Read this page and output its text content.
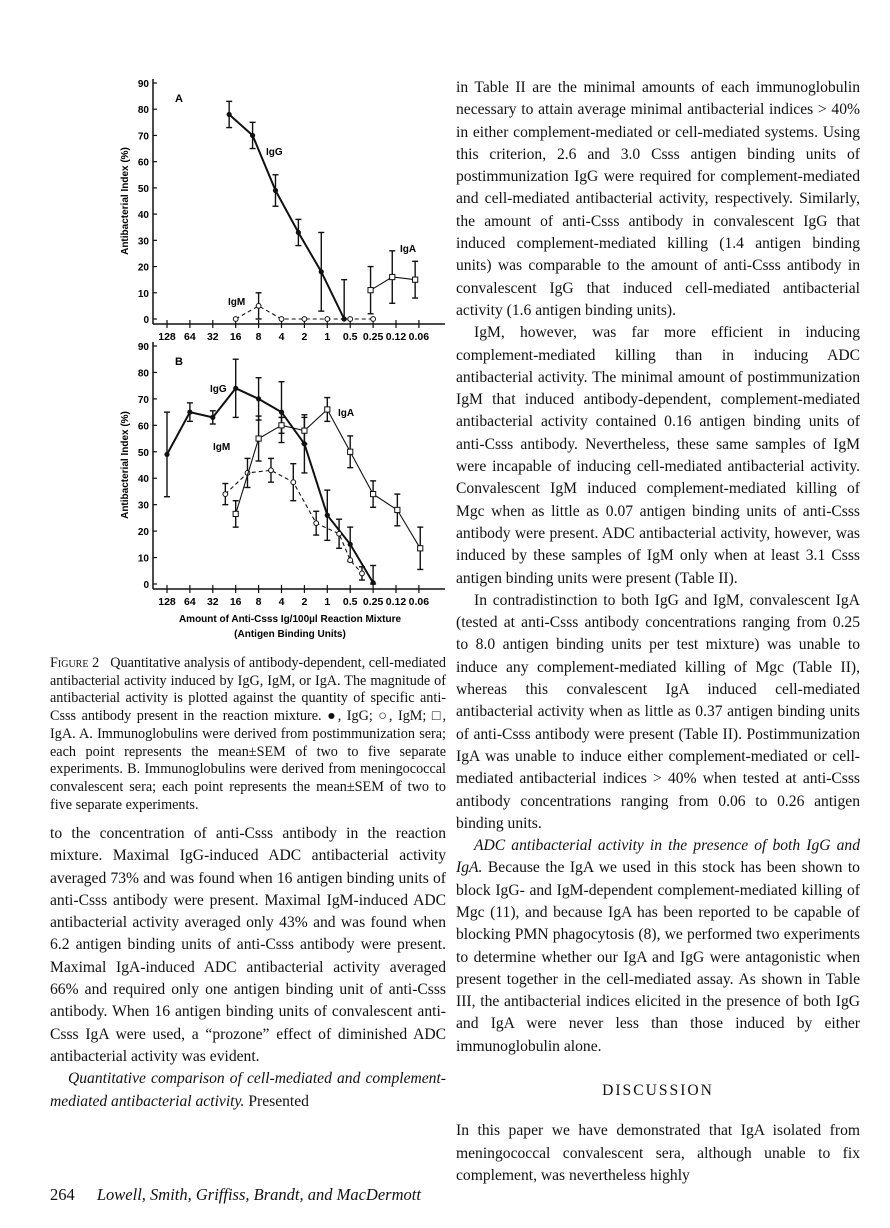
0
10
20
30
40
50
60
70
80
90
128 64 32 16 8 4 2 1 0.5 0.25 0.12 0.06
Antibacterial Index (%)
A
IgG
IgM
IgA
0
10
20
30
40
50
60
70
80
90
128 64 32 16 8 4 2 1 0.5 0.25 0.12 0.06
Antibacterial Index (%)
B
Amount of Anti-Csss Ig/100µl Reaction Mixture
(Antigen Binding Units)
IgG
IgM
IgA
Figure 2 Quantitative analysis of antibody-dependent, cell-mediated antibacterial activity induced by IgG, IgM, or IgA. The magnitude of antibacterial activity is plotted against the quantity of specific anti-Csss antibody present in the reaction mixture. ●, IgG; ○, IgM; □, IgA. A. Immunoglobulins were derived from postimmunization sera; each point represents the mean±SEM of two to five separate experiments. B. Immunoglobulins were derived from meningococcal convalescent sera; each point represents the mean±SEM of two to five separate experiments.

to the concentration of anti-Csss antibody in the reaction mixture. Maximal IgG-induced ADC antibacterial activity averaged 73% and was found when 16 antigen binding units of anti-Csss antibody were present. Maximal IgM-induced ADC antibacterial activity averaged only 43% and was found when 6.2 antigen binding units of anti-Csss antibody were present. Maximal IgA-induced ADC antibacterial activity averaged 66% and required only one antigen binding unit of anti-Csss antibody. When 16 antigen binding units of convalescent anti-Csss IgA were used, a “prozone” effect of diminished ADC antibacterial activity was evident.

Quantitative comparison of cell-mediated and complement-mediated antibacterial activity. Presented

in Table II are the minimal amounts of each immunoglobulin necessary to attain average minimal antibacterial indices > 40% in either complement-mediated or cell-mediated systems. Using this criterion, 2.6 and 3.0 Csss antigen binding units of postimmunization IgG were required for complement-mediated and cell-mediated antibacterial activity, respectively. Similarly, the amount of anti-Csss antibody in convalescent IgG that induced complement-mediated killing (1.4 antigen binding units) was comparable to the amount of anti-Csss antibody in convalescent IgG that induced cell-mediated antibacterial activity (1.6 antigen binding units).

IgM, however, was far more efficient in inducing complement-mediated killing than in inducing ADC antibacterial activity. The minimal amount of postimmunization IgM that induced antibody-dependent, complement-mediated antibacterial activity contained 0.16 antigen binding units of anti-Csss antibody. Nevertheless, these same samples of IgM were incapable of inducing cell-mediated antibacterial activity. Convalescent IgM induced complement-mediated killing of Mgc when as little as 0.07 antigen binding units of anti-Csss antibody were present. ADC antibacterial activity, however, was induced by these samples of IgM only when at least 3.1 Csss antigen binding units were present (Table II).

In contradistinction to both IgG and IgM, convalescent IgA (tested at anti-Csss antibody concentrations ranging from 0.25 to 8.0 antigen binding units per test mixture) was unable to induce any complement-mediated killing of Mgc (Table II), whereas this convalescent IgA induced cell-mediated antibacterial activity when as little as 0.37 antigen binding units of anti-Csss antibody were present (Table II). Postimmunization IgA was unable to induce either complement-mediated or cell-mediated antibacterial indices > 40% when tested at anti-Csss antibody concentrations ranging from 0.06 to 0.26 antigen binding units.

ADC antibacterial activity in the presence of both IgG and IgA. Because the IgA we used in this stock has been shown to block IgG- and IgM-dependent complement-mediated killing of Mgc (11), and because IgA has been reported to be capable of blocking PMN phagocytosis (8), we performed two experiments to determine whether our IgA and IgG were antagonistic when present together in the cell-mediated assay. As shown in Table III, the antibacterial indices elicited in the presence of both IgG and IgA were never less than those induced by either immunoglobulin alone.

DISCUSSION

In this paper we have demonstrated that IgA isolated from meningococcal convalescent sera, although unable to fix complement, was nevertheless highly

264 Lowell, Smith, Griffiss, Brandt, and MacDermott
